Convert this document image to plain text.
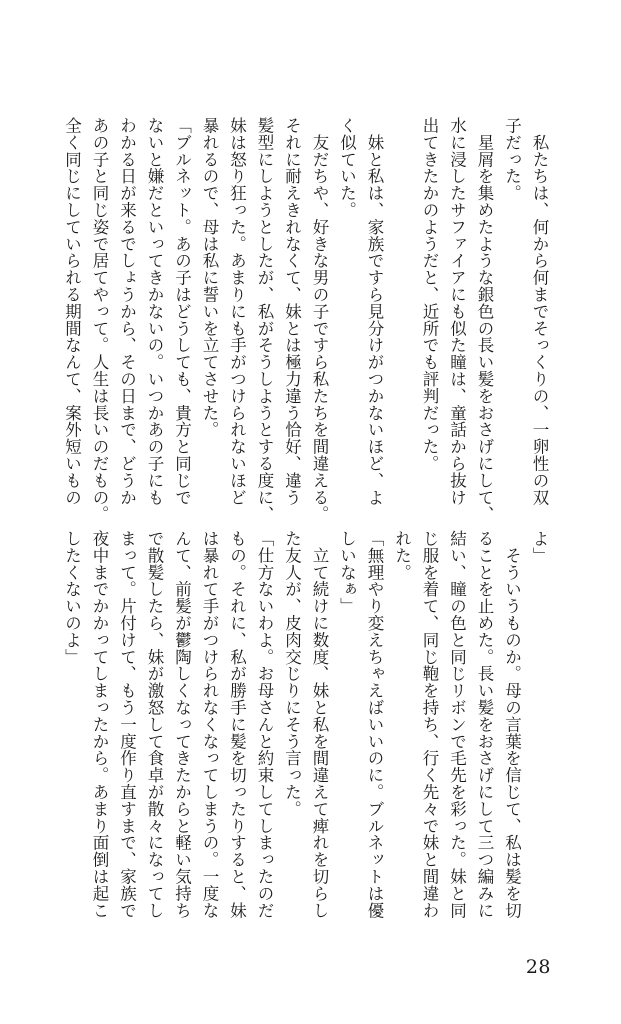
　私たちは、何から何までそっくりの、一卵性の双
子だった。
　星屑を集めたような銀色の長い髪をおさげにして、
水に浸したサファイアにも似た瞳は、童話から抜け
出てきたかのようだと、近所でも評判だった。

　妹と私は、家族ですら見分けがつかないほど、よ
く似ていた。
　友だちや、好きな男の子ですら私たちを間違える。
それに耐えきれなくて、妹とは極力違う恰好、違う
髪型にしようとしたが、私がそうしようとする度に、
妹は怒り狂った。あまりにも手がつけられないほど
暴れるので、母は私に誓いを立てさせた。
「ブルネット。あの子はどうしても、貴方と同じで
ないと嫌だといってきかないの。いつかあの子にも
わかる日が来るでしょうから、その日まで、どうか
あの子と同じ姿で居てやって。人生は長いのだもの。
全く同じにしていられる期間なんて、案外短いもの
よ」
　そういうものか。母の言葉を信じて、私は髪を切
ることを止めた。長い髪をおさげにして三つ編みに
結い、瞳の色と同じリボンで毛先を彩った。妹と同
じ服を着て、同じ鞄を持ち、行く先々で妹と間違わ
れた。
「無理やり変えちゃえばいいのに。ブルネットは優
しいなぁ」
　立て続けに数度、妹と私を間違えて痺れを切らし
た友人が、皮肉交じりにそう言った。
「仕方ないわよ。お母さんと約束してしまったのだ
もの。それに、私が勝手に髪を切ったりすると、妹
は暴れて手がつけられなくなってしまうの。一度な
んて、前髪が鬱陶しくなってきたからと軽い気持ち
で散髪したら、妹が激怒して食卓が散々になってし
まって。片付けて、もう一度作り直すまで、家族で
夜中までかかってしまったから。あまり面倒は起こ
したくないのよ」
28
